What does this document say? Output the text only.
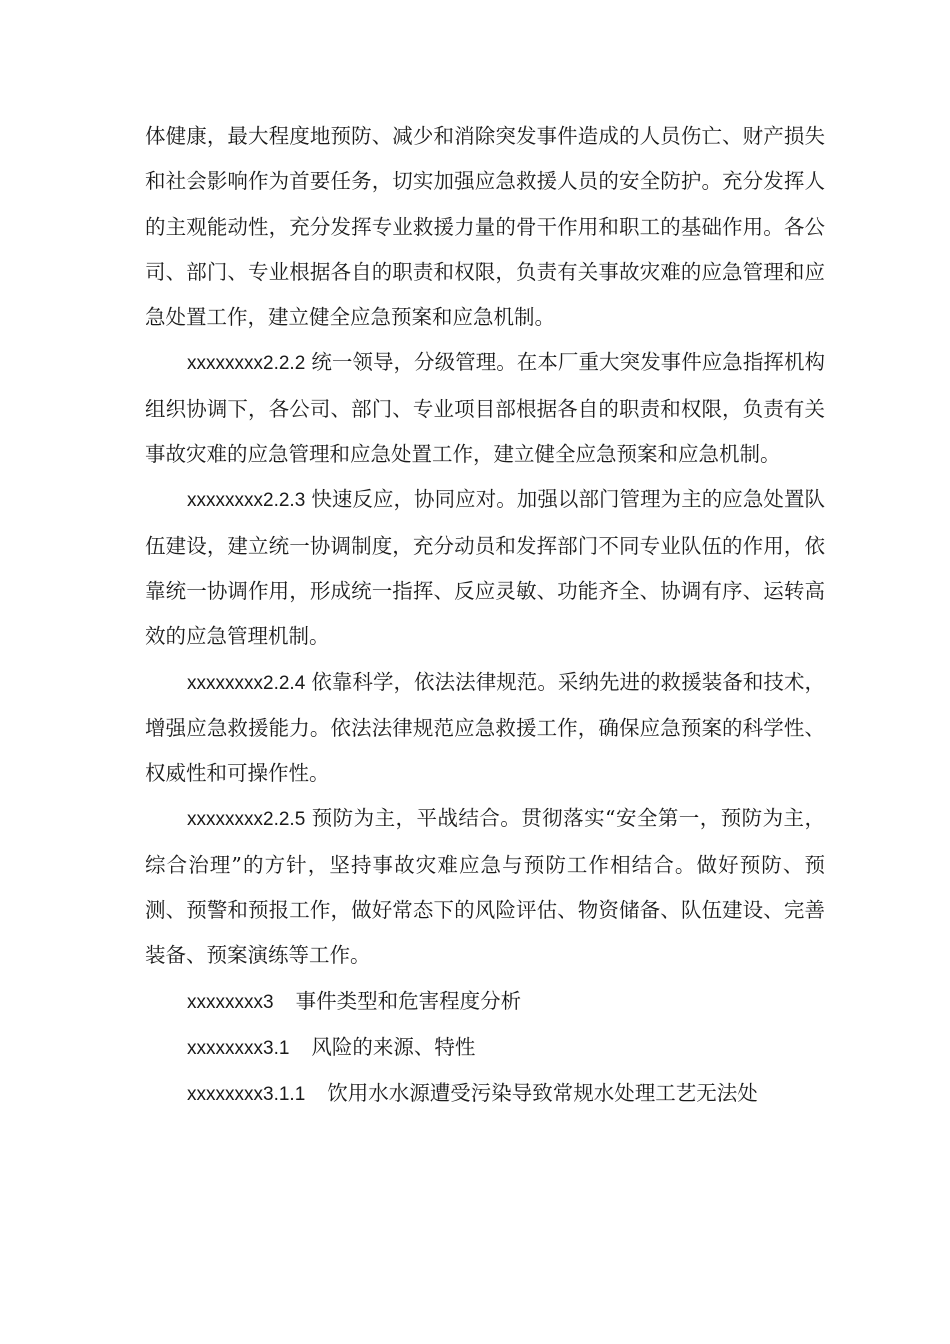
体健康，最大程度地预防、减少和消除突发事件造成的人员伤亡、财产损失和社会影响作为首要任务，切实加强应急救援人员的安全防护。充分发挥人的主观能动性，充分发挥专业救援力量的骨干作用和职工的基础作用。各公司、部门、专业根据各自的职责和权限，负责有关事故灾难的应急管理和应急处置工作，建立健全应急预案和应急机制。

xxxxxxxx2.2.2 统一领导，分级管理。在本厂重大突发事件应急指挥机构组织协调下，各公司、部门、专业项目部根据各自的职责和权限，负责有关事故灾难的应急管理和应急处置工作，建立健全应急预案和应急机制。

xxxxxxxx2.2.3 快速反应，协同应对。加强以部门管理为主的应急处置队伍建设，建立统一协调制度，充分动员和发挥部门不同专业队伍的作用，依靠统一协调作用，形成统一指挥、反应灵敏、功能齐全、协调有序、运转高效的应急管理机制。

xxxxxxxx2.2.4 依靠科学，依法法律规范。采纳先进的救援装备和技术，增强应急救援能力。依法法律规范应急救援工作，确保应急预案的科学性、权威性和可操作性。

xxxxxxxx2.2.5 预防为主，平战结合。贯彻落实“安全第一，预防为主，综合治理”的方针，坚持事故灾难应急与预防工作相结合。做好预防、预测、预警和预报工作，做好常态下的风险评估、物资储备、队伍建设、完善装备、预案演练等工作。

xxxxxxxx3 事件类型和危害程度分析

xxxxxxxx3.1 风险的来源、特性

xxxxxxxx3.1.1 饮用水水源遭受污染导致常规水处理工艺无法处
